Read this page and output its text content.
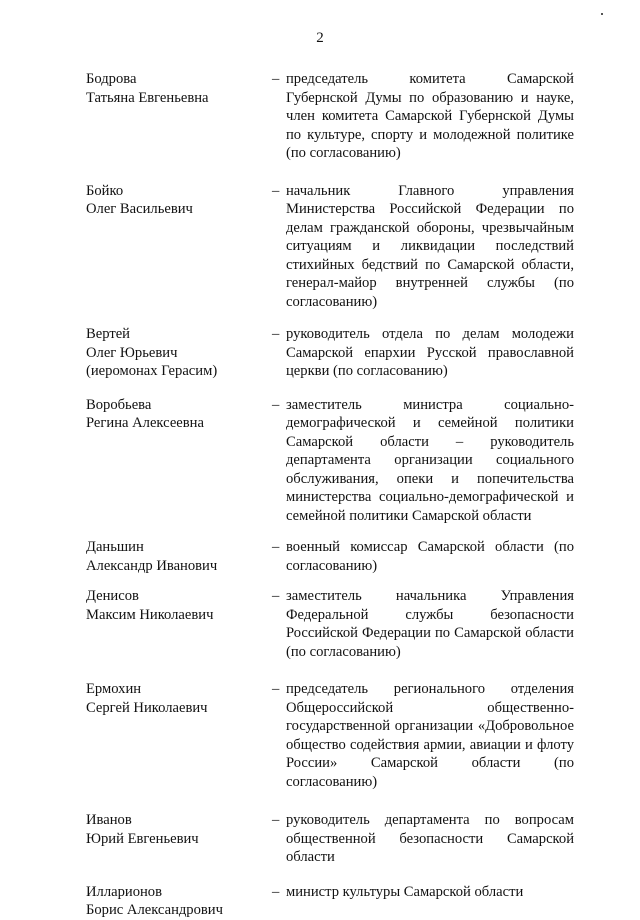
2
Бодрова
Татьяна Евгеньевна
– председатель комитета Самарской Губернской Думы по образованию и науке, член комитета Самарской Губернской Думы по культуре, спорту и молодежной политике (по согласованию)
Бойко
Олег Васильевич
– начальник Главного управления Министерства Российской Федерации по делам гражданской обороны, чрезвычайным ситуациям и ликвидации последствий стихийных бедствий по Самарской области, генерал-майор внутренней службы (по согласованию)
Вертей
Олег Юрьевич
(иеромонах Герасим)
– руководитель отдела по делам молодежи Самарской епархии Русской православной церкви (по согласованию)
Воробьева
Регина Алексеевна
– заместитель министра социально-демографической и семейной политики Самарской области – руководитель департамента организации социального обслуживания, опеки и попечительства министерства социально-демографической и семейной политики Самарской области
Даньшин
Александр Иванович
– военный комиссар Самарской области (по согласованию)
Денисов
Максим Николаевич
– заместитель начальника Управления Федеральной службы безопасности Российской Федерации по Самарской области (по согласованию)
Ермохин
Сергей Николаевич
– председатель регионального отделения Общероссийской общественно-государственной организации «Добровольное общество содействия армии, авиации и флоту России» Самарской области (по согласованию)
Иванов
Юрий Евгеньевич
– руководитель департамента по вопросам общественной безопасности Самарской области
Илларионов
Борис Александрович
– министр культуры Самарской области
